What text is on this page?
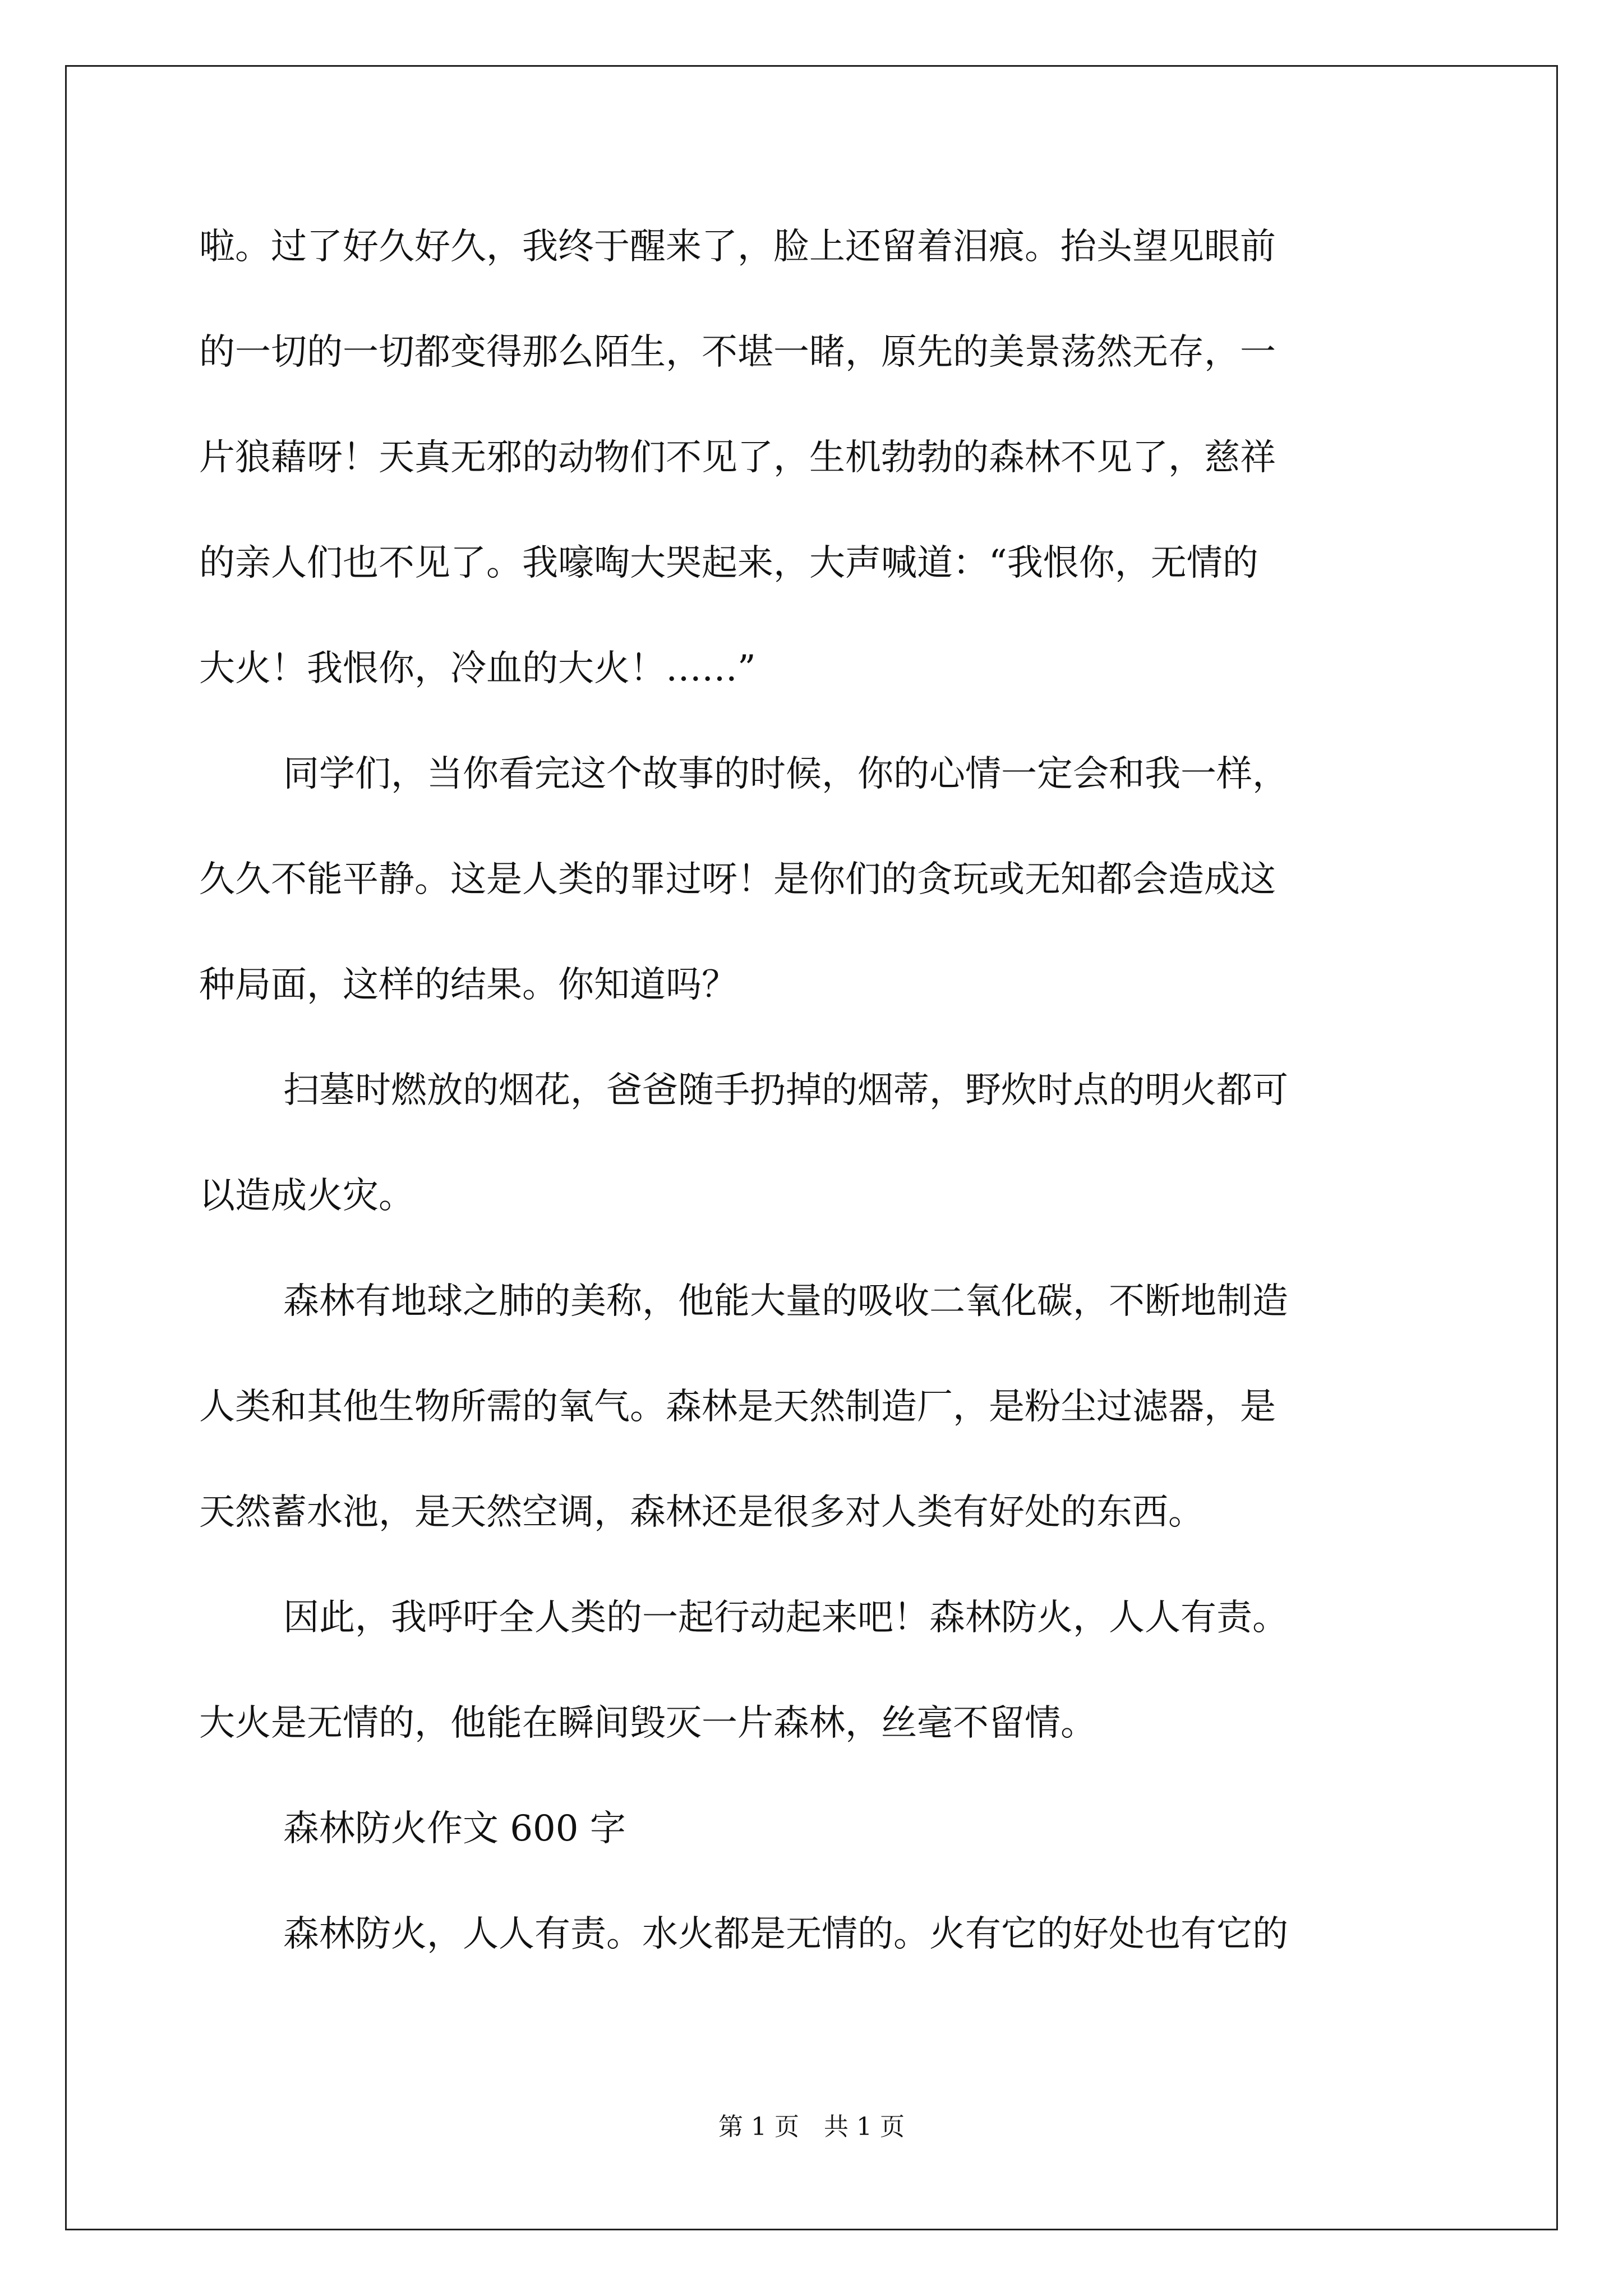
啦。过了好久好久，我终于醒来了，脸上还留着泪痕。抬头望见眼前
的一切的一切都变得那么陌生，不堪一睹，原先的美景荡然无存，一
片狼藉呀！天真无邪的动物们不见了，生机勃勃的森林不见了，慈祥
的亲人们也不见了。我嚎啕大哭起来，大声喊道：“我恨你，无情的
大火！我恨你，冷血的大火！……”
同学们，当你看完这个故事的时候，你的心情一定会和我一样，
久久不能平静。这是人类的罪过呀！是你们的贪玩或无知都会造成这
种局面，这样的结果。你知道吗？
扫墓时燃放的烟花，爸爸随手扔掉的烟蒂，野炊时点的明火都可
以造成火灾。
森林有地球之肺的美称，他能大量的吸收二氧化碳，不断地制造
人类和其他生物所需的氧气。森林是天然制造厂，是粉尘过滤器，是
天然蓄水池，是天然空调，森林还是很多对人类有好处的东西。
因此，我呼吁全人类的一起行动起来吧！森林防火，人人有责。
大火是无情的，他能在瞬间毁灭一片森林，丝毫不留情。
森林防火作文 600 字
森林防火，人人有责。水火都是无情的。火有它的好处也有它的
第 1 页　共 1 页
